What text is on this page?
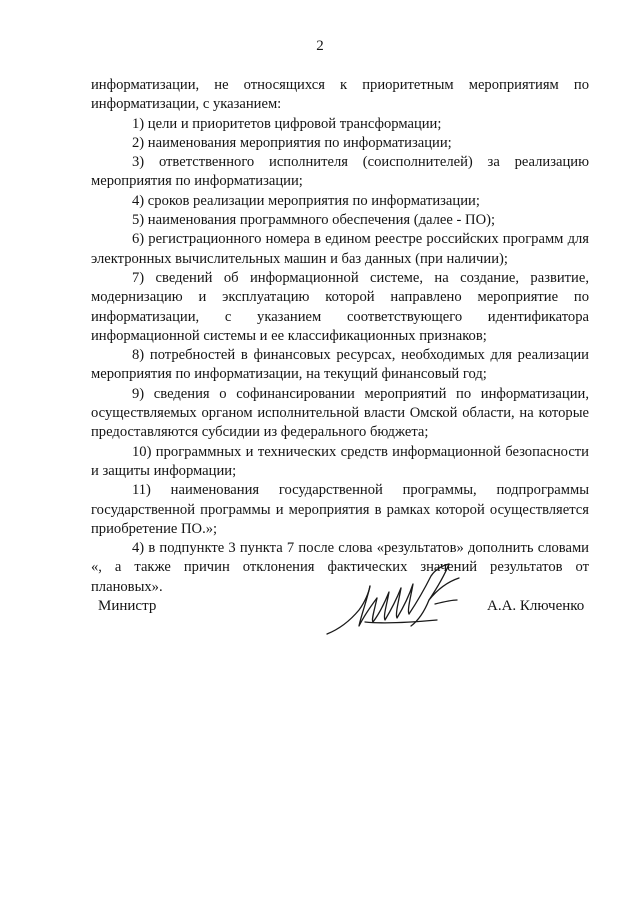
2

информатизации, не относящихся к приоритетным мероприятиям по информатизации, с указанием:

1) цели и приоритетов цифровой трансформации;

2) наименования мероприятия по информатизации;

3) ответственного исполнителя (соисполнителей) за реализацию мероприятия по информатизации;

4) сроков реализации мероприятия по информатизации;

5) наименования программного обеспечения (далее - ПО);

6) регистрационного номера в едином реестре российских программ для электронных вычислительных машин и баз данных (при наличии);

7) сведений об информационной системе, на создание, развитие, модернизацию и эксплуатацию которой направлено мероприятие по информатизации, с указанием соответствующего идентификатора информационной системы и ее классификационных признаков;

8) потребностей в финансовых ресурсах, необходимых для реализации мероприятия по информатизации, на текущий финансовый год;

9) сведения о софинансировании мероприятий по информатизации, осуществляемых органом исполнительной власти Омской области, на которые предоставляются субсидии из федерального бюджета;

10) программных и технических средств информационной безопасности и защиты информации;

11) наименования государственной программы, подпрограммы государственной программы и мероприятия в рамках которой осуществляется приобретение ПО.»;

4) в подпункте 3 пункта 7 после слова «результатов» дополнить словами «, а также причин отклонения фактических значений результатов от плановых».

Министр	А.А. Ключенко
